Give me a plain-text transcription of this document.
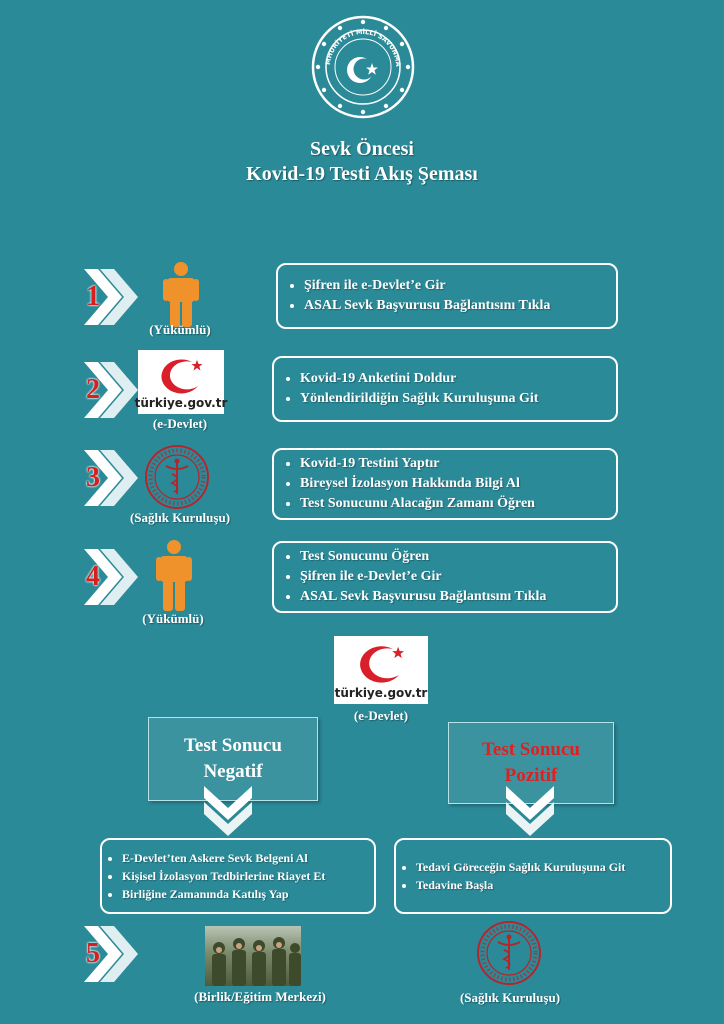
MHURİYETİ MİLLÎ SAVUNMA
Sevk Öncesi
Kovid-19 Testi Akış Şeması
1
(Yükümlü)
• Şifren ile e-Devlet’e Gir
• ASAL Sevk Başvurusu Bağlantısını Tıkla
2	türkiye.gov.tr
(e-Devlet)
• Kovid-19 Anketini Doldur
• Yönlendirildiğin Sağlık Kuruluşuna Git
3
(Sağlık Kuruluşu)
• Kovid-19 Testini Yaptır
• Bireysel İzolasyon Hakkında Bilgi Al
• Test Sonucunu Alacağın Zamanı Öğren
4
(Yükümlü)
• Test Sonucunu Öğren
• Şifren ile e-Devlet’e Gir
• ASAL Sevk Başvurusu Bağlantısını Tıkla
türkiye.gov.tr
(e-Devlet)
Test Sonucu
Negatif
Test Sonucu
Pozitif
• E-Devlet’ten Askere Sevk Belgeni Al
• Kişisel İzolasyon Tedbirlerine Riayet Et
• Birliğine Zamanında Katılış Yap
• Tedavi Göreceğin Sağlık Kuruluşuna Git
• Tedavine Başla
5
(Birlik/Eğitim Merkezi)	(Sağlık Kuruluşu)
